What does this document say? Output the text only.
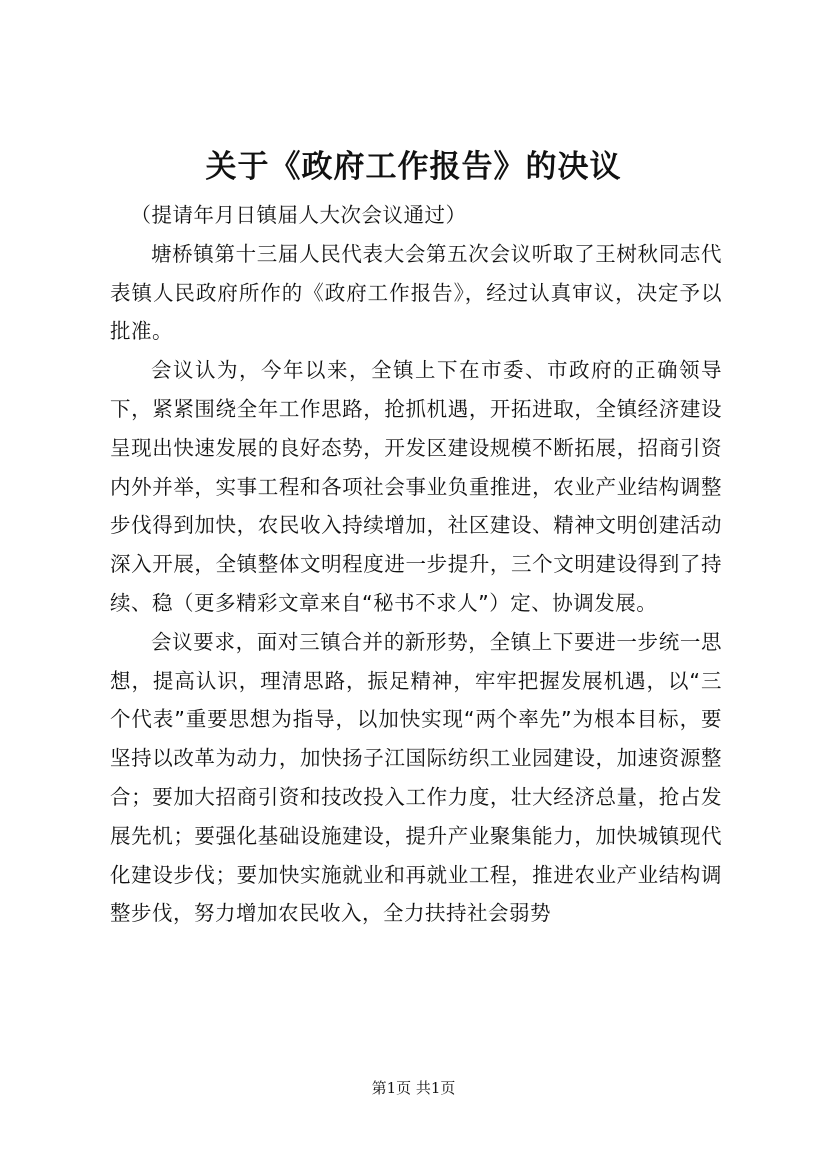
关于《政府工作报告》的决议

（提请年月日镇届人大次会议通过）

塘桥镇第十三届人民代表大会第五次会议听取了王树秋同志代表镇人民政府所作的《政府工作报告》，经过认真审议，决定予以批准。

会议认为，今年以来，全镇上下在市委、市政府的正确领导下，紧紧围绕全年工作思路，抢抓机遇，开拓进取，全镇经济建设呈现出快速发展的良好态势，开发区建设规模不断拓展，招商引资内外并举，实事工程和各项社会事业负重推进，农业产业结构调整步伐得到加快，农民收入持续增加，社区建设、精神文明创建活动深入开展，全镇整体文明程度进一步提升，三个文明建设得到了持续、稳（更多精彩文章来自“秘书不求人”）定、协调发展。

会议要求，面对三镇合并的新形势，全镇上下要进一步统一思想，提高认识，理清思路，振足精神，牢牢把握发展机遇，以“三个代表”重要思想为指导，以加快实现“两个率先”为根本目标，要坚持以改革为动力，加快扬子江国际纺织工业园建设，加速资源整合；要加大招商引资和技改投入工作力度，壮大经济总量，抢占发展先机；要强化基础设施建设，提升产业聚集能力，加快城镇现代化建设步伐；要加快实施就业和再就业工程，推进农业产业结构调整步伐，努力增加农民收入，全力扶持社会弱势

第1页 共1页
